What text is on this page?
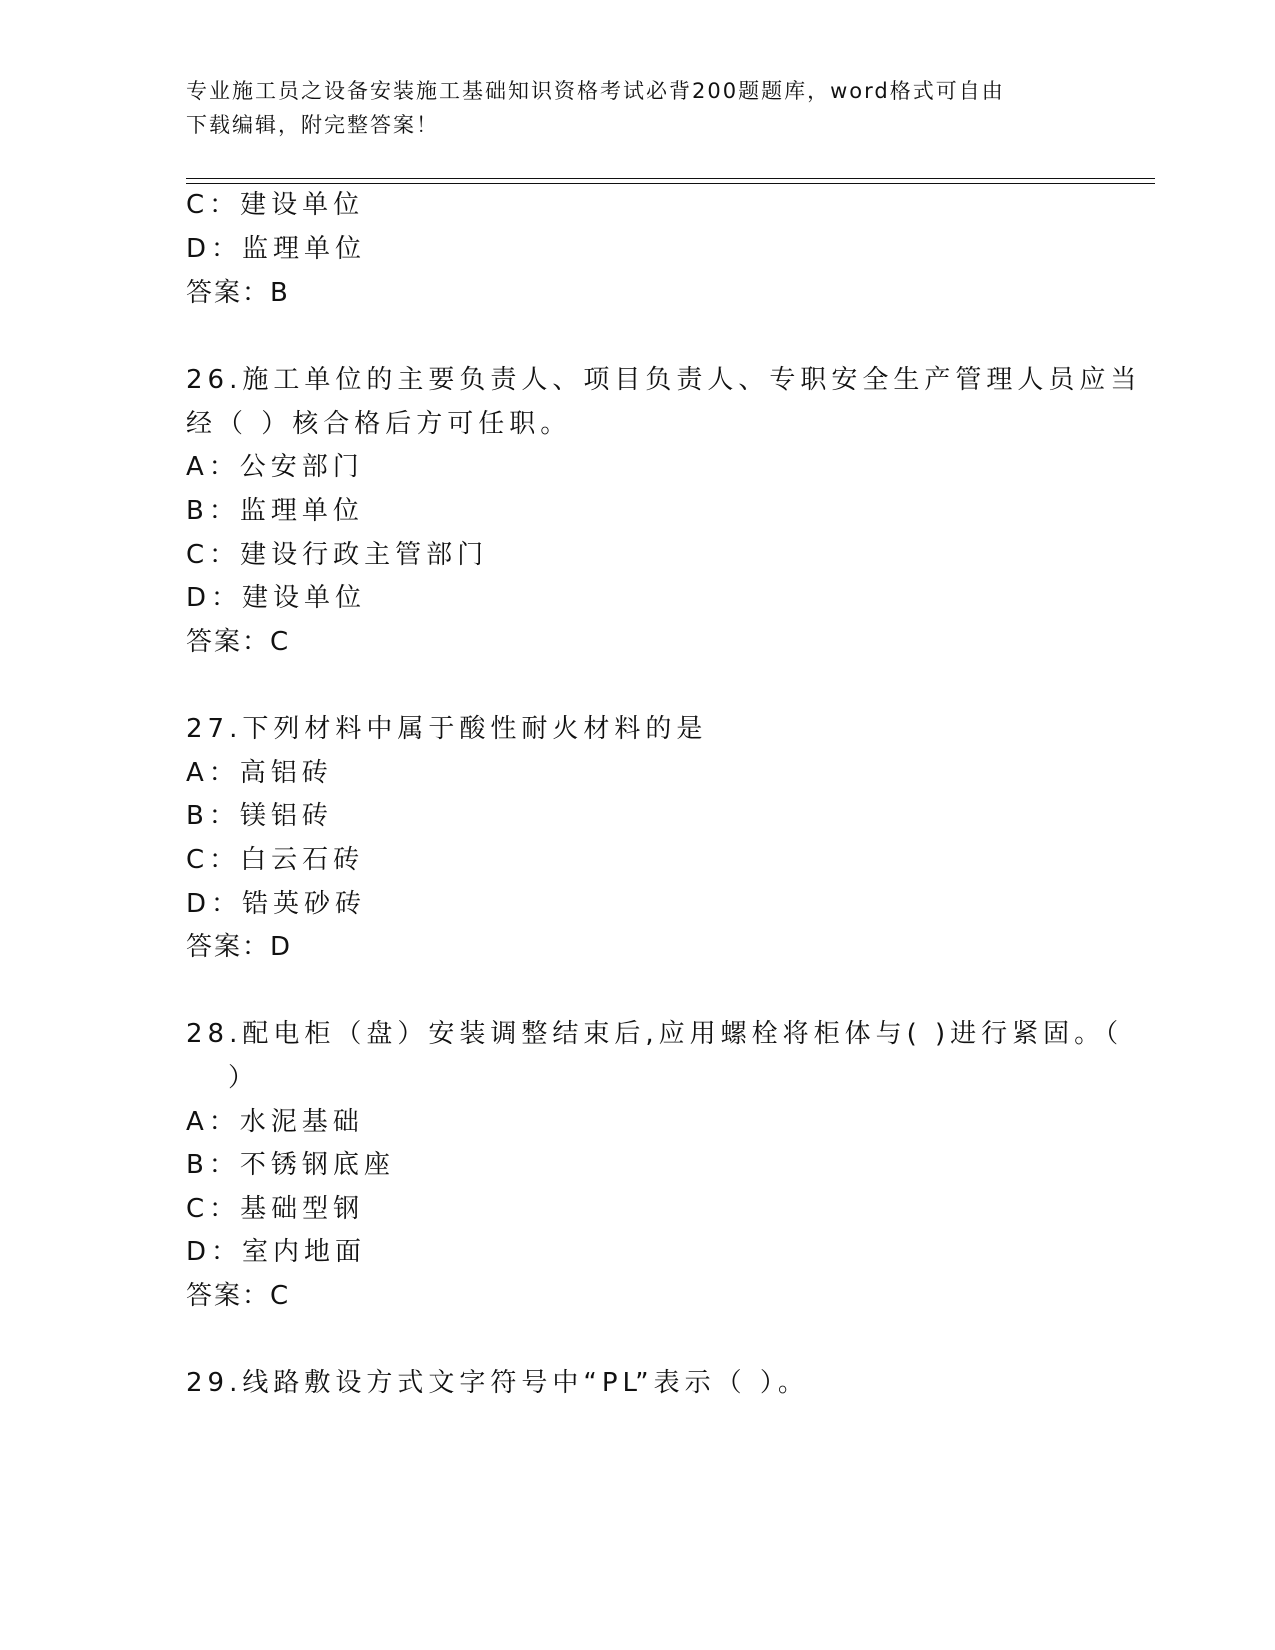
专业施工员之设备安装施工基础知识资格考试必背200题题库，word格式可自由
下载编辑，附完整答案！
C：建设单位
D：监理单位
答案：B
26.施工单位的主要负责人、项目负责人、专职安全生产管理人员应当
经（ ）核合格后方可任职。
A：公安部门
B：监理单位
C：建设行政主管部门
D：建设单位
答案：C
27.下列材料中属于酸性耐火材料的是
A：高铝砖
B：镁铝砖
C：白云石砖
D：锆英砂砖
答案：D
28.配电柜（盘）安装调整结束后,应用螺栓将柜体与( )进行紧固。（
）
A：水泥基础
B：不锈钢底座
C：基础型钢
D：室内地面
答案：C
29.线路敷设方式文字符号中“PL”表示（ ）。
